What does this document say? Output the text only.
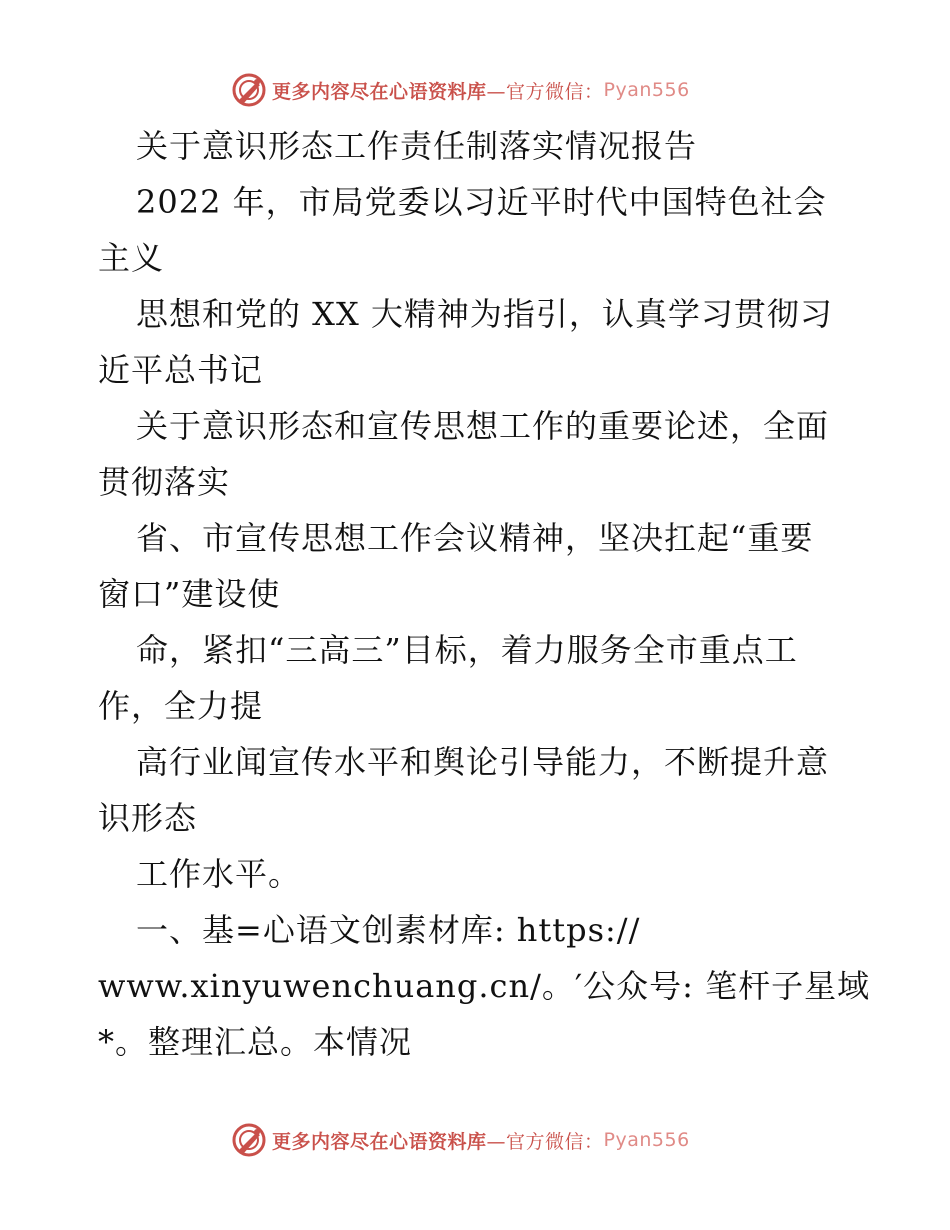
更多内容尽在心语资料库 —官方微信： Pyan556
关于意识形态工作责任制落实情况报告
2022 年，市局党委以习近平时代中国特色社会
主义
思想和党的 XX 大精神为指引，认真学习贯彻习
近平总书记
关于意识形态和宣传思想工作的重要论述，全面
贯彻落实
省、市宣传思想工作会议精神，坚决扛起“重要
窗口”建设使
命，紧扣“三高三”目标，着力服务全市重点工
作，全力提
高行业闻宣传水平和舆论引导能力，不断提升意
识形态
工作水平。
一、基=心语文创素材库: https://
www.xinyuwenchuang.cn/。′公众号: 笔杆子星域
*。整理汇总。本情况
更多内容尽在心语资料库 —官方微信： Pyan556
